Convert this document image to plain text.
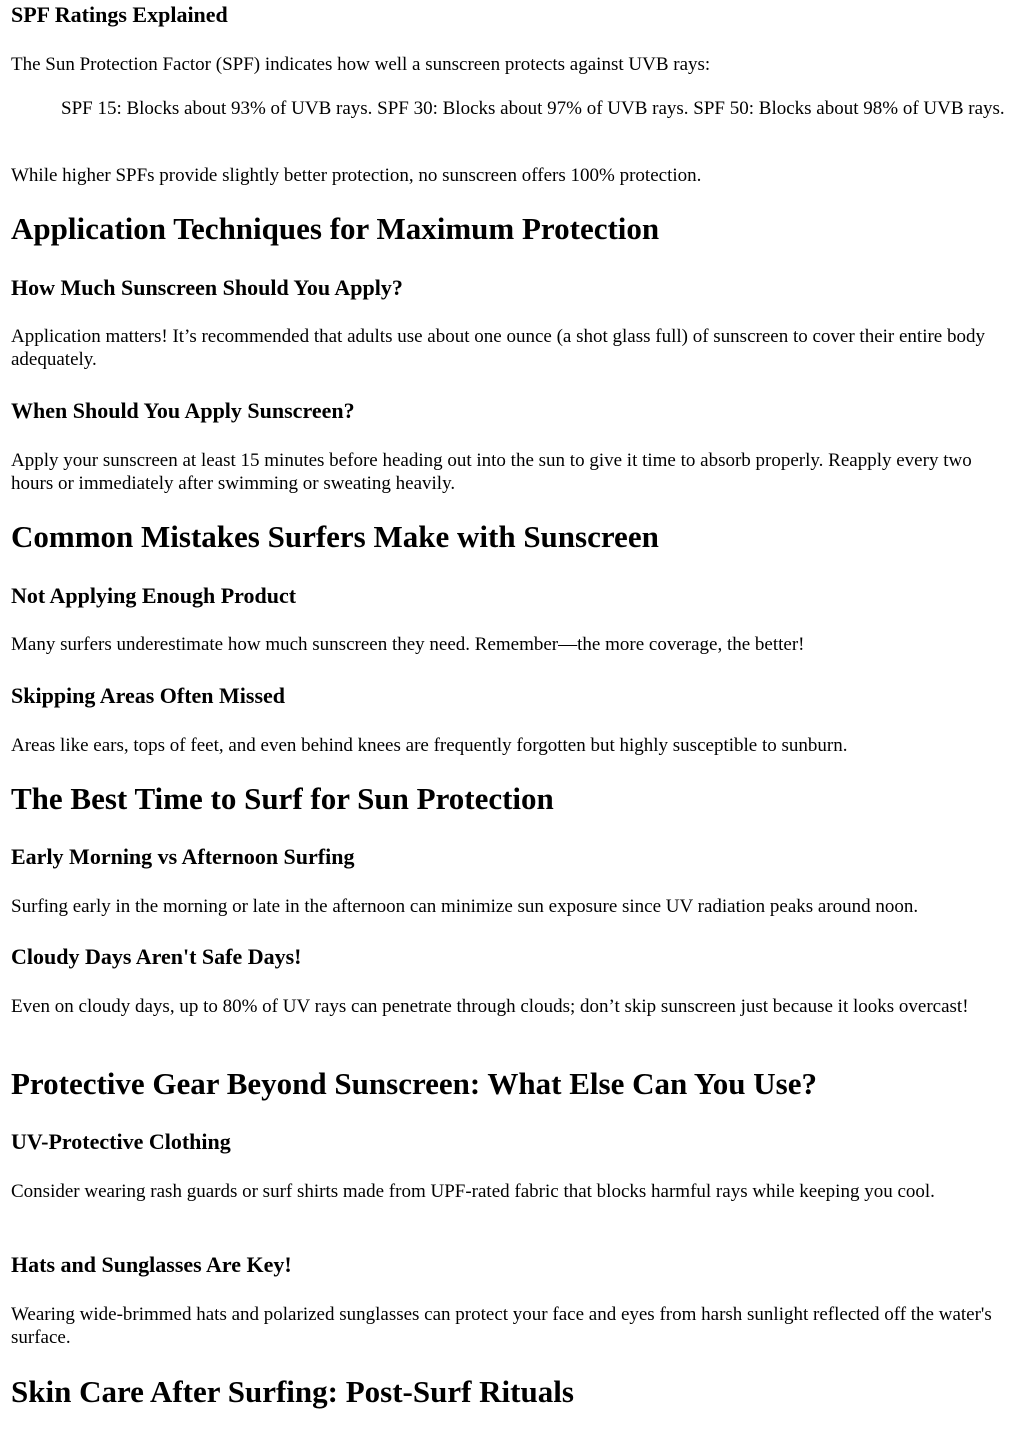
SPF Ratings Explained

The Sun Protection Factor (SPF) indicates how well a sunscreen protects against UVB rays:

SPF 15: Blocks about 93% of UVB rays. SPF 30: Blocks about 97% of UVB rays. SPF 50: Blocks about 98% of UVB rays.

While higher SPFs provide slightly better protection, no sunscreen offers 100% protection.

Application Techniques for Maximum Protection
How Much Sunscreen Should You Apply?

Application matters! It’s recommended that adults use about one ounce (a shot glass full) of sunscreen to cover their entire body adequately.

When Should You Apply Sunscreen?

Apply your sunscreen at least 15 minutes before heading out into the sun to give it time to absorb properly. Reapply every two hours or immediately after swimming or sweating heavily.

Common Mistakes Surfers Make with Sunscreen
Not Applying Enough Product

Many surfers underestimate how much sunscreen they need. Remember—the more coverage, the better!

Skipping Areas Often Missed

Areas like ears, tops of feet, and even behind knees are frequently forgotten but highly susceptible to sunburn.

The Best Time to Surf for Sun Protection
Early Morning vs Afternoon Surfing

Surfing early in the morning or late in the afternoon can minimize sun exposure since UV radiation peaks around noon.

Cloudy Days Aren't Safe Days!

Even on cloudy days, up to 80% of UV rays can penetrate through clouds; don’t skip sunscreen just because it looks overcast!

Protective Gear Beyond Sunscreen: What Else Can You Use?
UV-Protective Clothing

Consider wearing rash guards or surf shirts made from UPF-rated fabric that blocks harmful rays while keeping you cool.

Hats and Sunglasses Are Key!

Wearing wide-brimmed hats and polarized sunglasses can protect your face and eyes from harsh sunlight reflected off the water's surface.

Skin Care After Surfing: Post-Surf Rituals
